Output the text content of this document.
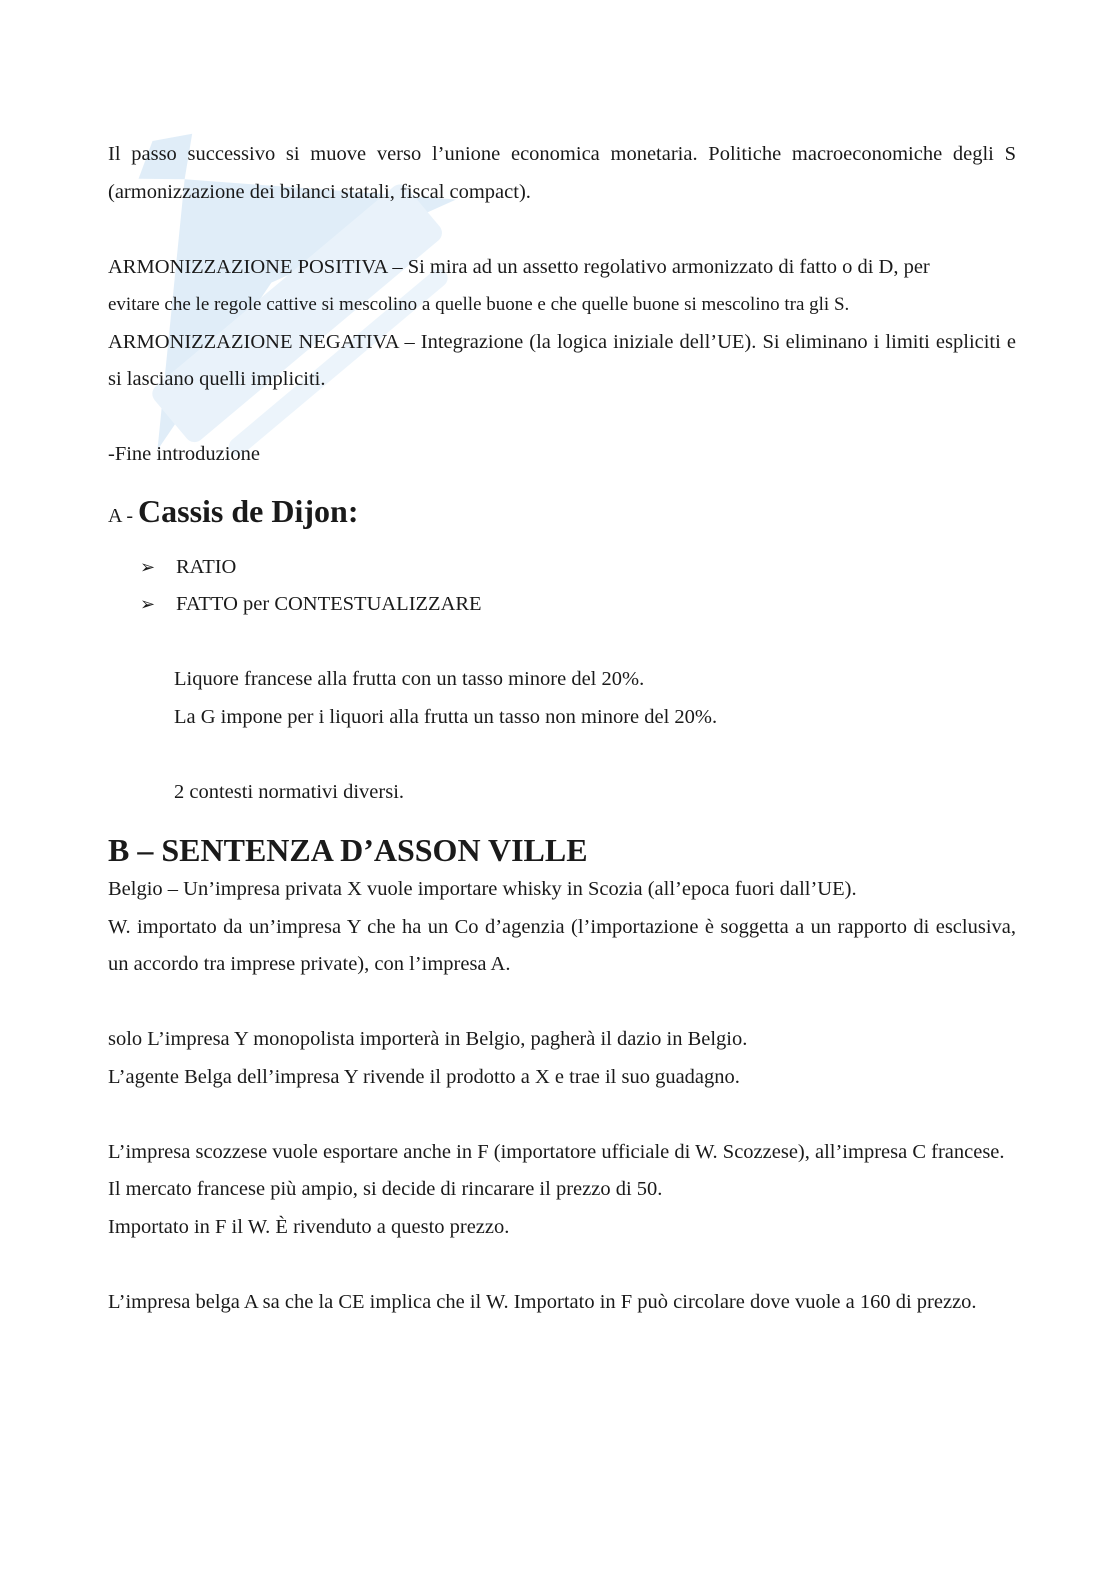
Il passo successivo si muove verso l’unione economica monetaria. Politiche macroeconomiche degli S (armonizzazione dei bilanci statali, fiscal compact).

ARMONIZZAZIONE POSITIVA – Si mira ad un assetto regolativo armonizzato di fatto o di D, per

evitare che le regole cattive si mescolino a quelle buone e che quelle buone si mescolino tra gli S.

ARMONIZZAZIONE NEGATIVA – Integrazione (la logica iniziale dell’UE). Si eliminano i limiti espliciti e si lasciano quelli impliciti.

-Fine introduzione

A - Cassis de Dijon:
➢ RATIO
➢ FATTO per CONTESTUALIZZARE

Liquore francese alla frutta con un tasso minore del 20%.

La G impone per i liquori alla frutta un tasso non minore del 20%.

2 contesti normativi diversi.

B – SENTENZA D’ASSON VILLE

Belgio – Un’impresa privata X vuole importare whisky in Scozia (all’epoca fuori dall’UE).

W. importato da un’impresa Y che ha un Co d’agenzia (l’importazione è soggetta a un rapporto di esclusiva, un accordo tra imprese private), con l’impresa A.

solo L’impresa Y monopolista importerà in Belgio, pagherà il dazio in Belgio.

L’agente Belga dell’impresa Y rivende il prodotto a X e trae il suo guadagno.

L’impresa scozzese vuole esportare anche in F (importatore ufficiale di W. Scozzese), all’impresa C francese.

Il mercato francese più ampio, si decide di rincarare il prezzo di 50.

Importato in F il W. È rivenduto a questo prezzo.

L’impresa belga A sa che la CE implica che il W. Importato in F può circolare dove vuole a 160 di prezzo.
